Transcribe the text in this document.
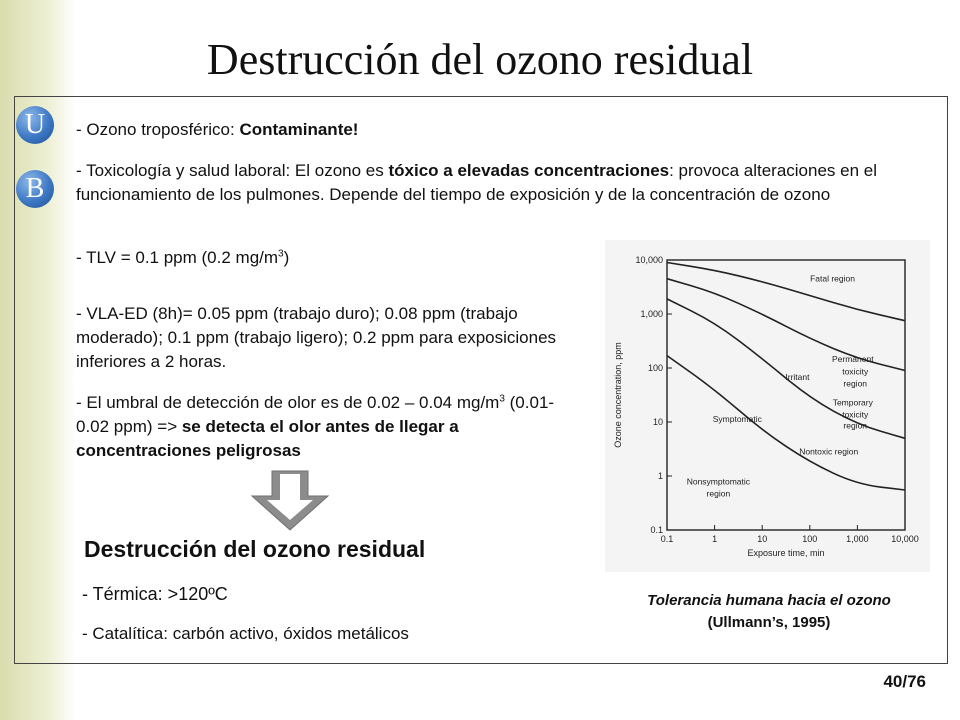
Destrucción del ozono residual
U
B
- Ozono troposférico: Contaminante!
- Toxicología y salud laboral: El ozono es tóxico a elevadas concentraciones: provoca alteraciones en el funcionamiento de los pulmones. Depende del tiempo de exposición y de la concentración de ozono
- TLV = 0.1 ppm (0.2 $mg/m^3$)
- VLA-ED (8h)= 0.05 ppm (trabajo duro); 0.08 ppm (trabajo moderado); 0.1 ppm (trabajo ligero); 0.2 ppm para exposiciones inferiores a 2 horas.
- El umbral de detección de olor es de 0.02 – 0.04 $mg/m^3$ (0.01-0.02 ppm) => se detecta el olor antes de llegar a concentraciones peligrosas
Destrucción del ozono residual
- Térmica: >120ºC
- Catalítica: carbón activo, óxidos metálicos
0.1	1	10	100	1,000	10,000
0.1
1
10
100
1,000
10,000
Exposure time, min
Ozone concentration, ppm
Fatal region
Permanent
toxicity
region
Irritant
Temporary
toxicity
region
Symptomatic
Nontoxic region
Nonsymptomatic
region
Tolerancia humana hacia el ozono
(Ullmann’s, 1995)
40/76
